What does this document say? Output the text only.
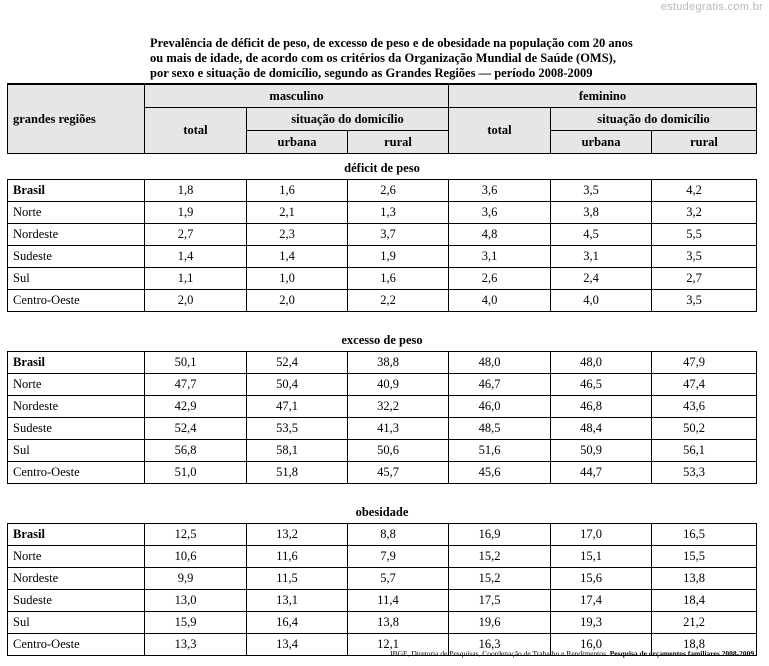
estudegratis.com.br
Prevalência de déficit de peso, de excesso de peso e de obesidade na população com 20 anos
ou mais de idade, de acordo com os critérios da Organização Mundial de Saúde (OMS),
por sexo e situação de domicílio, segundo as Grandes Regiões — período 2008-2009
grandes regiões	masculino			feminino		
	total	situação do domicílio		total	situação do domicílio	
		urbana	rural		urbana	rural
déficit de peso						
Brasil	1,8	1,6	2,6	3,6	3,5	4,2
Norte	1,9	2,1	1,3	3,6	3,8	3,2
Nordeste	2,7	2,3	3,7	4,8	4,5	5,5
Sudeste	1,4	1,4	1,9	3,1	3,1	3,5
Sul	1,1	1,0	1,6	2,6	2,4	2,7
Centro-Oeste	2,0	2,0	2,2	4,0	4,0	3,5

excesso de peso						
Brasil	50,1	52,4	38,8	48,0	48,0	47,9
Norte	47,7	50,4	40,9	46,7	46,5	47,4
Nordeste	42,9	47,1	32,2	46,0	46,8	43,6
Sudeste	52,4	53,5	41,3	48,5	48,4	50,2
Sul	56,8	58,1	50,6	51,6	50,9	56,1
Centro-Oeste	51,0	51,8	45,7	45,6	44,7	53,3

obesidade						
Brasil	12,5	13,2	8,8	16,9	17,0	16,5
Norte	10,6	11,6	7,9	15,2	15,1	15,5
Nordeste	9,9	11,5	5,7	15,2	15,6	13,8
Sudeste	13,0	13,1	11,4	17,5	17,4	18,4
Sul	15,9	16,4	13,8	19,6	19,3	21,2
Centro-Oeste	13,3	13,4	12,1	16,3	16,0	18,8
IBGE, Diretoria de Pesquisas, Coordenação de Trabalho e Rendimentos. Pesquisa de orçamentos familiares 2008-2009.
